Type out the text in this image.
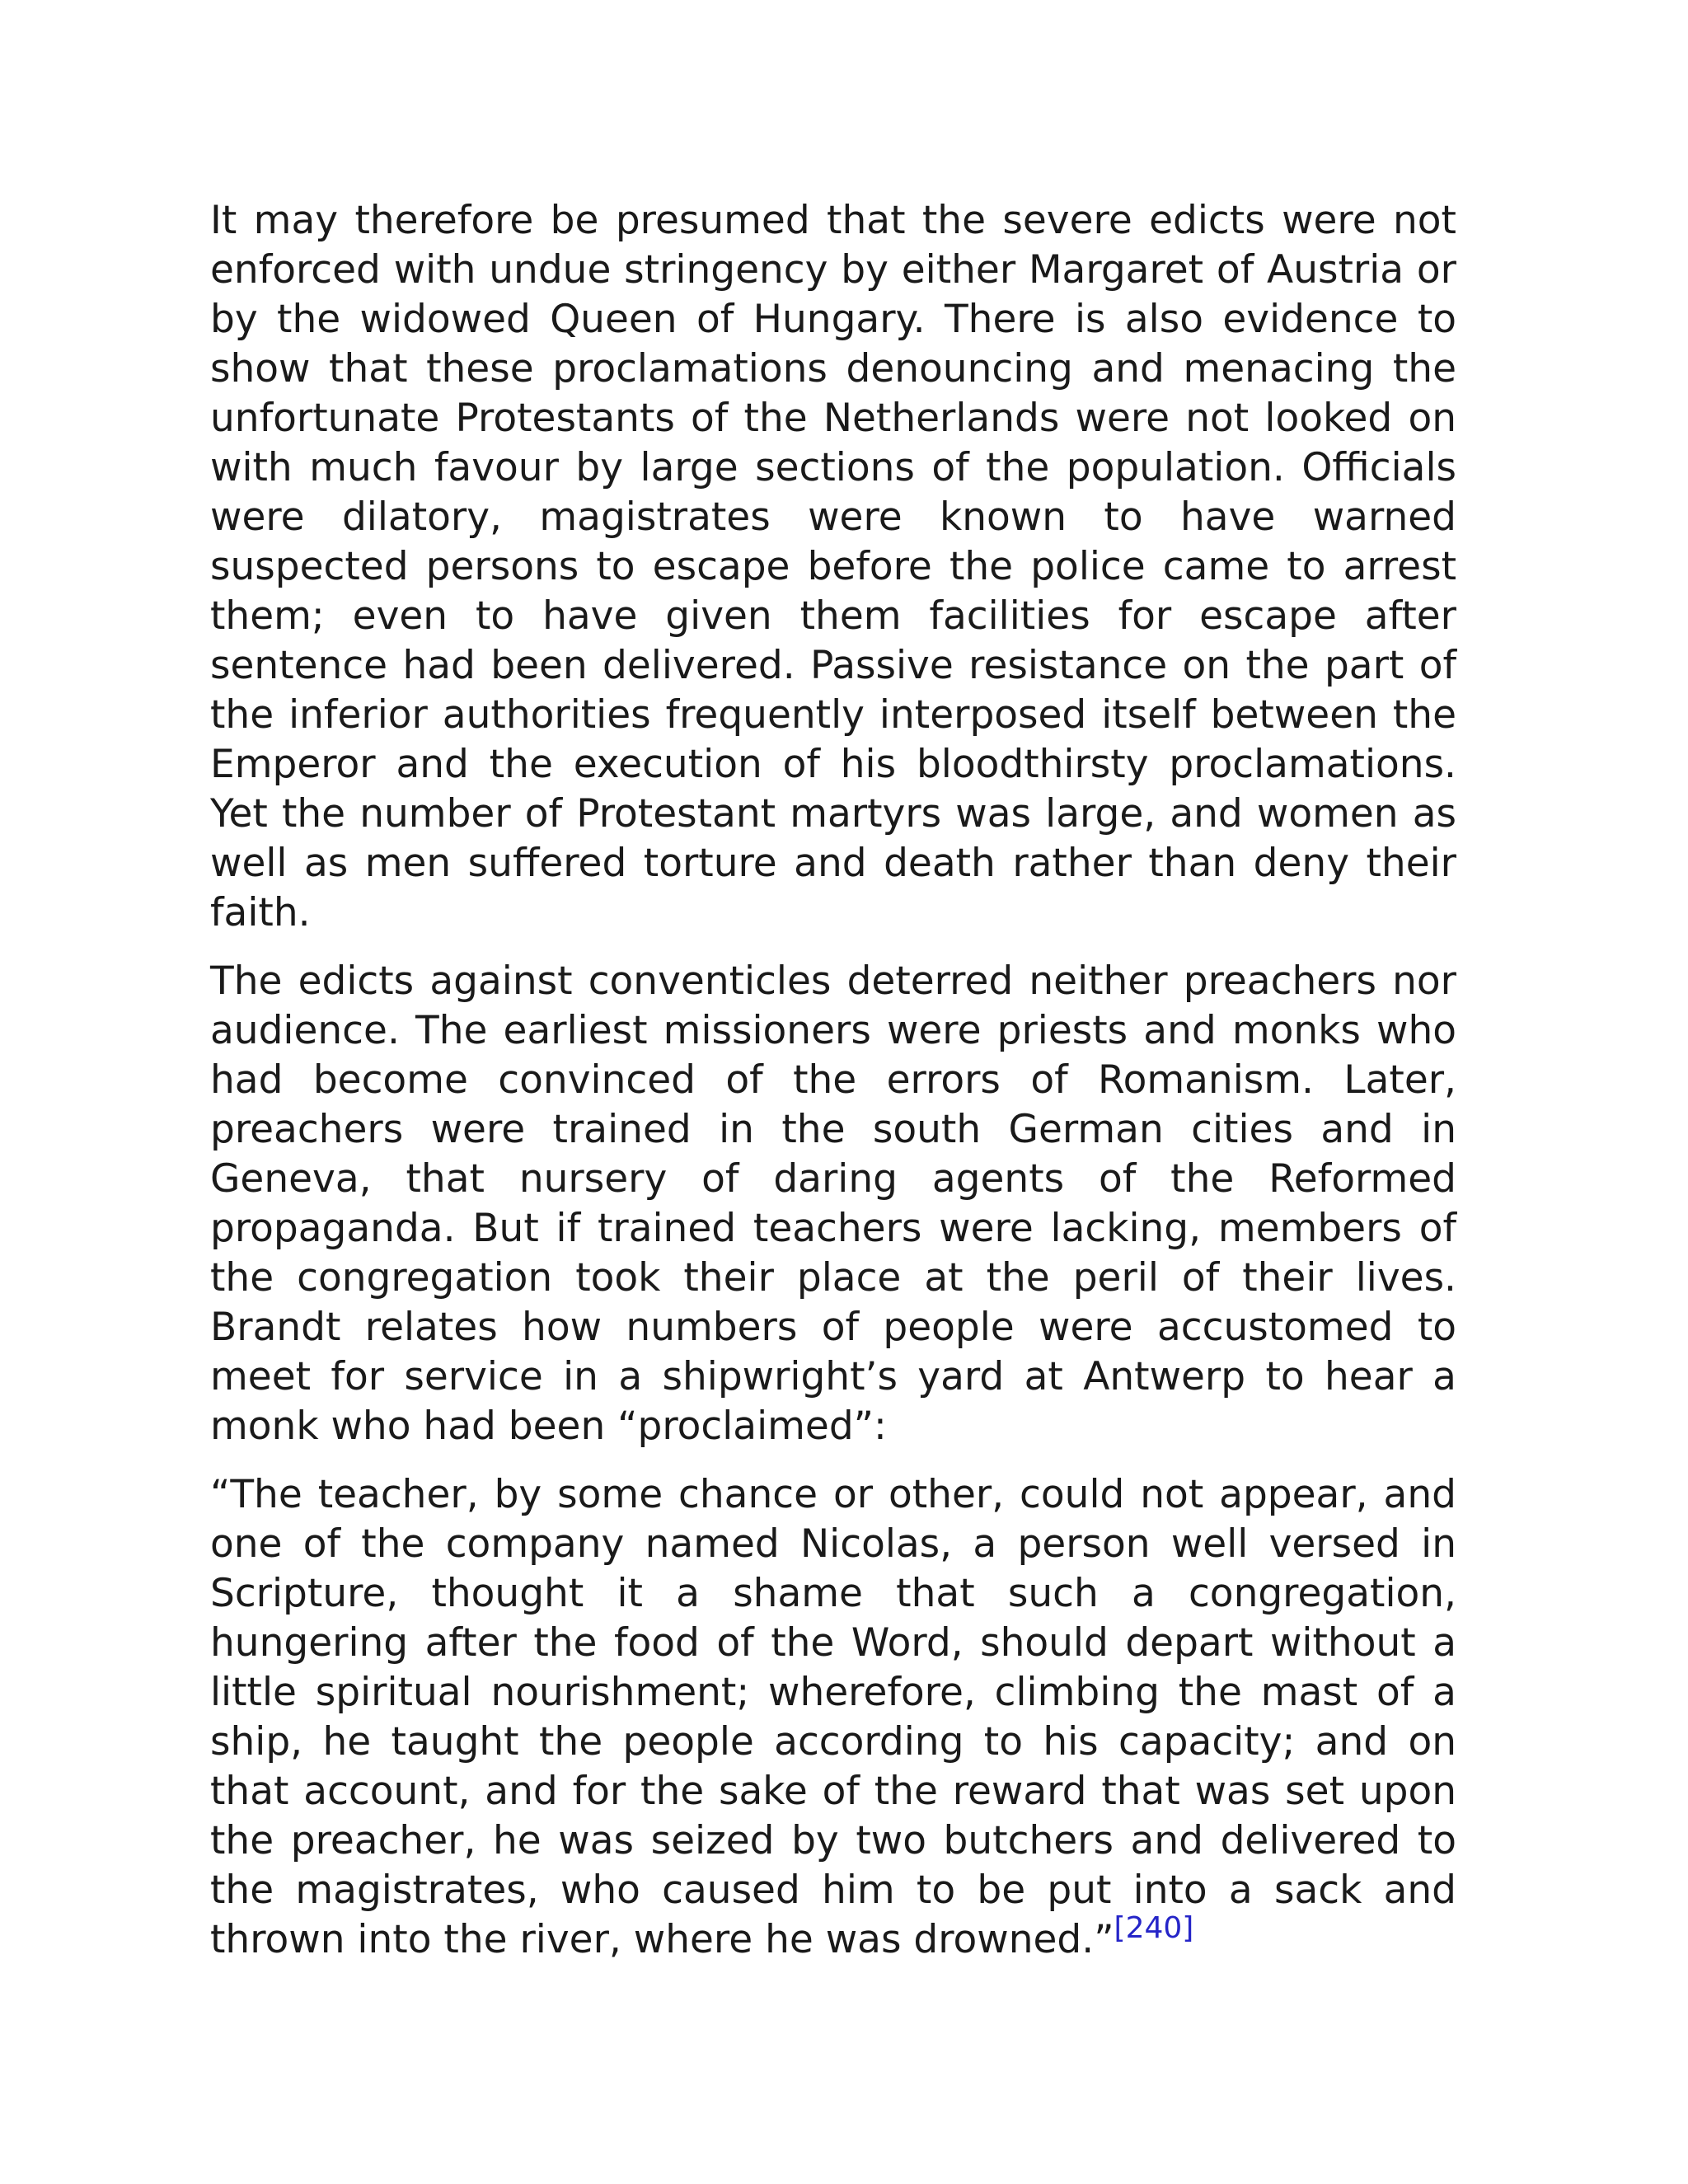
It may therefore be presumed that the severe edicts were not enforced with undue stringency by either Margaret of Austria or by the widowed Queen of Hungary. There is also evidence to show that these proclamations denouncing and menacing the unfortunate Protestants of the Netherlands were not looked on with much favour by large sections of the population. Officials were dilatory, magistrates were known to have warned suspected persons to escape before the police came to arrest them; even to have given them facilities for escape after sentence had been delivered. Passive resistance on the part of the inferior authorities frequently interposed itself between the Emperor and the execution of his bloodthirsty proclamations. Yet the number of Protestant martyrs was large, and women as well as men suffered torture and death rather than deny their faith.

The edicts against conventicles deterred neither preachers nor audience. The earliest missioners were priests and monks who had become convinced of the errors of Romanism. Later, preachers were trained in the south German cities and in Geneva, that nursery of daring agents of the Reformed propaganda. But if trained teachers were lacking, members of the congregation took their place at the peril of their lives. Brandt relates how numbers of people were accustomed to meet for service in a shipwright’s yard at Antwerp to hear a monk who had been “proclaimed”:

“The teacher, by some chance or other, could not appear, and one of the company named Nicolas, a person well versed in Scripture, thought it a shame that such a congregation, hungering after the food of the Word, should depart without a little spiritual nourishment; wherefore, climbing the mast of a ship, he taught the people according to his capacity; and on that account, and for the sake of the reward that was set upon the preacher, he was seized by two butchers and delivered to the magistrates, who caused him to be put into a sack and thrown into the river, where he was drowned.”[240]
